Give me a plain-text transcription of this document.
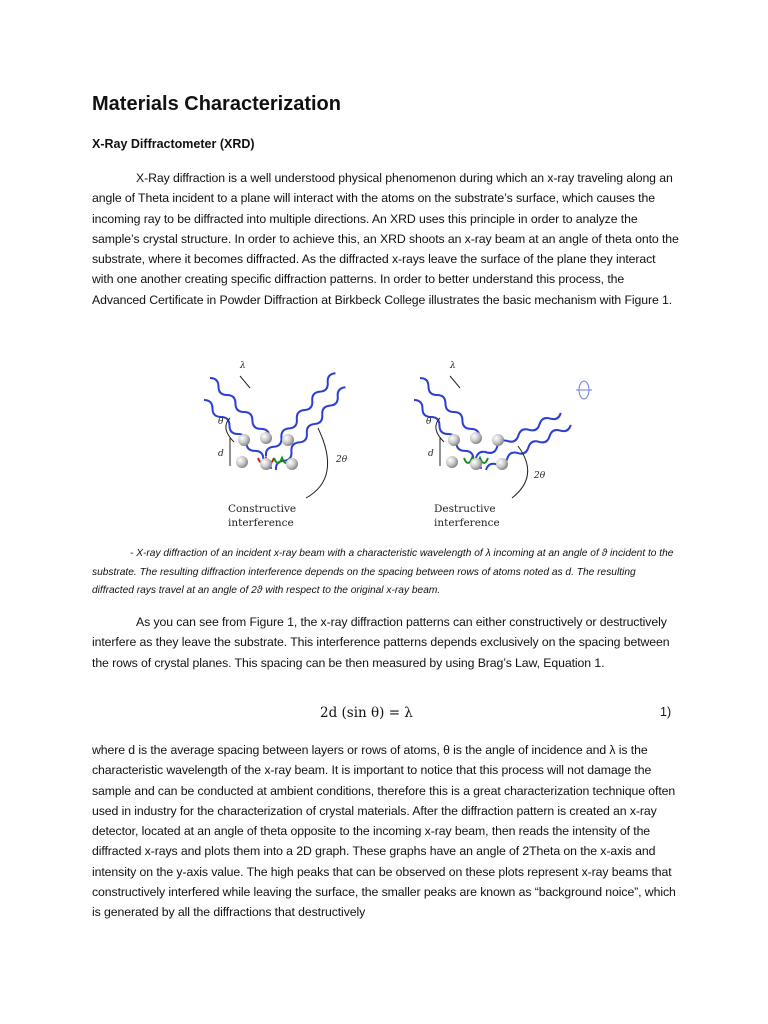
Materials Characterization

X-Ray Diffractometer (XRD)

X-Ray diffraction is a well understood physical phenomenon during which an x-ray traveling along an angle of Theta incident to a plane will interact with the atoms on the substrate’s surface, which causes the incoming ray to be diffracted into multiple directions. An XRD uses this principle in order to analyze the sample’s crystal structure. In order to achieve this, an XRD shoots an x-ray beam at an angle of theta onto the substrate, where it becomes diffracted. As the diffracted x-rays leave the surface of the plane they interact with one another creating specific diffraction patterns. In order to better understand this process, the Advanced Certificate in Powder Diffraction at Birkbeck College illustrates the basic mechanism with Figure 1.

d
θ
λ
2θ
Constructive
interference
d
θ
λ
2θ
Destructive
interference

- X-ray diffraction of an incident x-ray beam with a characteristic wavelength of λ incoming at an angle of ϑ incident to the substrate. The resulting diffraction interference depends on the spacing between rows of atoms noted as d. The resulting diffracted rays travel at an angle of 2ϑ with respect to the original x-ray beam.

As you can see from Figure 1, the x-ray diffraction patterns can either constructively or destructively interfere as they leave the substrate. This interference patterns depends exclusively on the spacing between the rows of crystal planes. This spacing can be then measured by using Brag’s Law, Equation 1.

2d (sin θ) = λ	1)

where d is the average spacing between layers or rows of atoms, θ is the angle of incidence and λ is the characteristic wavelength of the x-ray beam. It is important to notice that this process will not damage the sample and can be conducted at ambient conditions, therefore this is a great characterization technique often used in industry for the characterization of crystal materials. After the diffraction pattern is created an x-ray detector, located at an angle of theta opposite to the incoming x-ray beam, then reads the intensity of the diffracted x-rays and plots them into a 2D graph. These graphs have an angle of 2Theta on the x-axis and intensity on the y-axis value. The high peaks that can be observed on these plots represent x-ray beams that constructively interfered while leaving the surface, the smaller peaks are known as “background noice”, which is generated by all the diffractions that destructively
